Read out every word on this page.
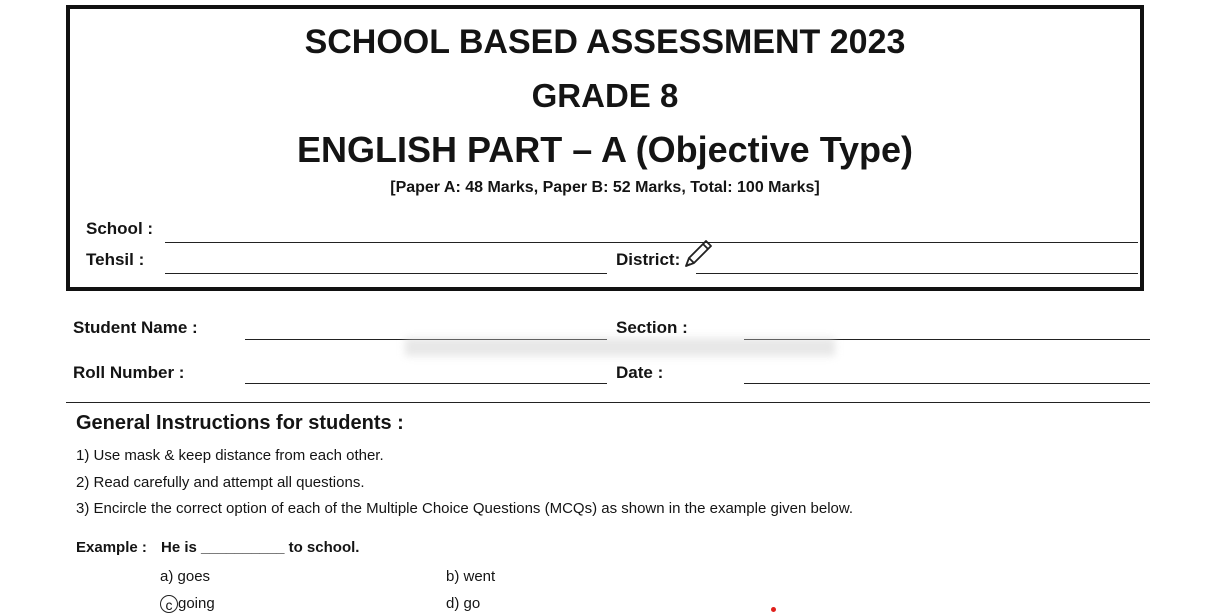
SCHOOL BASED ASSESSMENT 2023
GRADE 8
ENGLISH PART – A (Objective Type)
[Paper A: 48 Marks, Paper B: 52 Marks, Total: 100 Marks]
School :
Tehsil :	District:
Student Name :	Section :
Roll Number :	Date :
General Instructions for students :
1) Use mask & keep distance from each other.
2) Read carefully and attempt all questions.
3) Encircle the correct option of each of the Multiple Choice Questions (MCQs) as shown in the example given below.
Example : He is __________ to school.
a) goes	b) went
c going	d) go
